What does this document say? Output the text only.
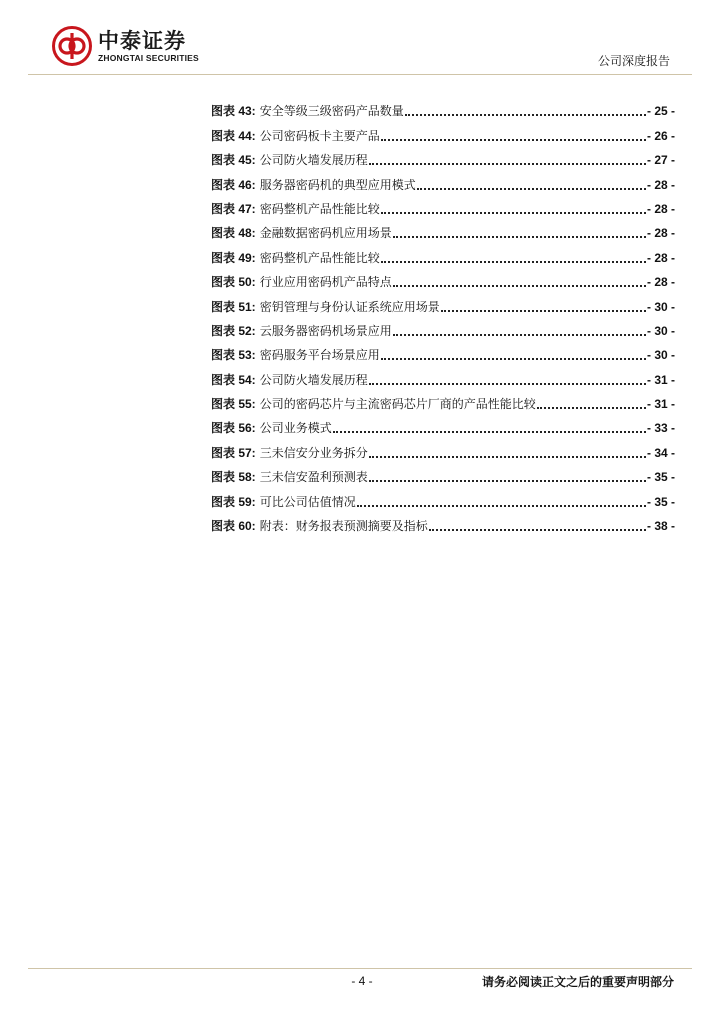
中泰证券
ZHONGTAI SECURITIES	公司深度报告
图表 43: 安全等级三级密码产品数量	- 25 -
图表 44: 公司密码板卡主要产品	- 26 -
图表 45: 公司防火墙发展历程	- 27 -
图表 46: 服务器密码机的典型应用模式	- 28 -
图表 47: 密码整机产品性能比较	- 28 -
图表 48: 金融数据密码机应用场景	- 28 -
图表 49: 密码整机产品性能比较	- 28 -
图表 50: 行业应用密码机产品特点	- 28 -
图表 51: 密钥管理与身份认证系统应用场景	- 30 -
图表 52: 云服务器密码机场景应用	- 30 -
图表 53: 密码服务平台场景应用	- 30 -
图表 54: 公司防火墙发展历程	- 31 -
图表 55: 公司的密码芯片与主流密码芯片厂商的产品性能比较	- 31 -
图表 56: 公司业务模式	- 33 -
图表 57: 三未信安分业务拆分	- 34 -
图表 58: 三未信安盈利预测表	- 35 -
图表 59: 可比公司估值情况	- 35 -
图表 60: 附表：财务报表预测摘要及指标	- 38 -
- 4 -	请务必阅读正文之后的重要声明部分
